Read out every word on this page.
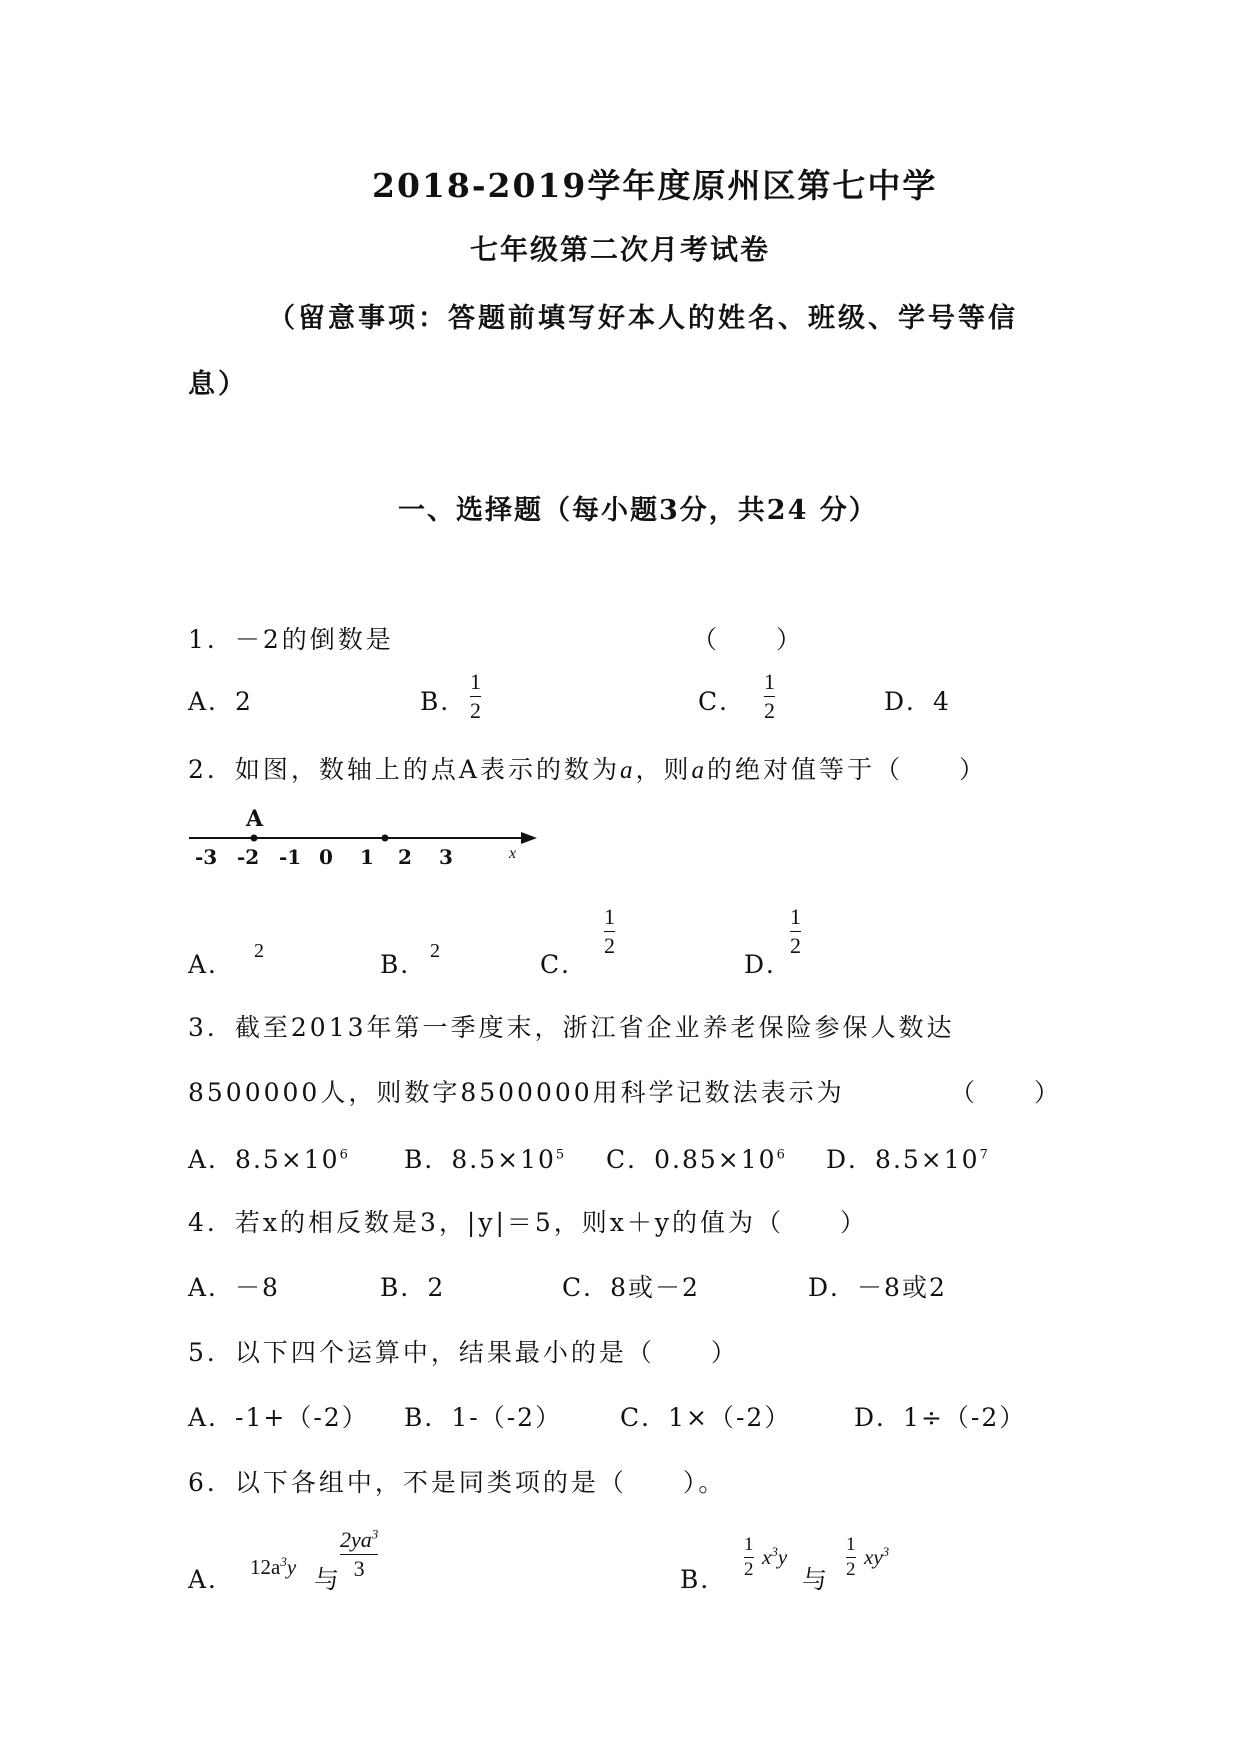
2018-2019学年度原州区第七中学
七年级第二次月考试卷
（留意事项：答题前填写好本人的姓名、班级、学号等信
息）
一、选择题（每小题3分，共24 分）
1．－2的倒数是	（　　）
A．2	B．
1
2	C．
1
2	D．4
2．如图，数轴上的点A表示的数为a，则a的绝对值等于（　　）
A
x
-3 -2 -1 0 1 2 3
A． 2	B． 2	C．
1
2
D．
1
2
3．截至2013年第一季度末，浙江省企业养老保险参保人数达
8500000人，则数字8500000用科学记数法表示为	（　　）
A．$8.5\times 10^6$ B．$8.5\times 10^5$ C．$0.85\times 10^6$ D．$8.5\times 10^7$
4．若x的相反数是3，|y|＝5，则x＋y的值为（　　）
A．－8	B．2	C．8或－2	D．－8或2
5．以下四个运算中，结果最小的是（　　）
A．-1+（-2） B．1-（-2） C．1×（-2）	D．1÷（-2）
6．以下各组中，不是同类项的是（　　）。
A． $12a^3y$ 与
$2ya^3$
3	B．
1
2
$x^3y$
与
1
2
$xy^3$
